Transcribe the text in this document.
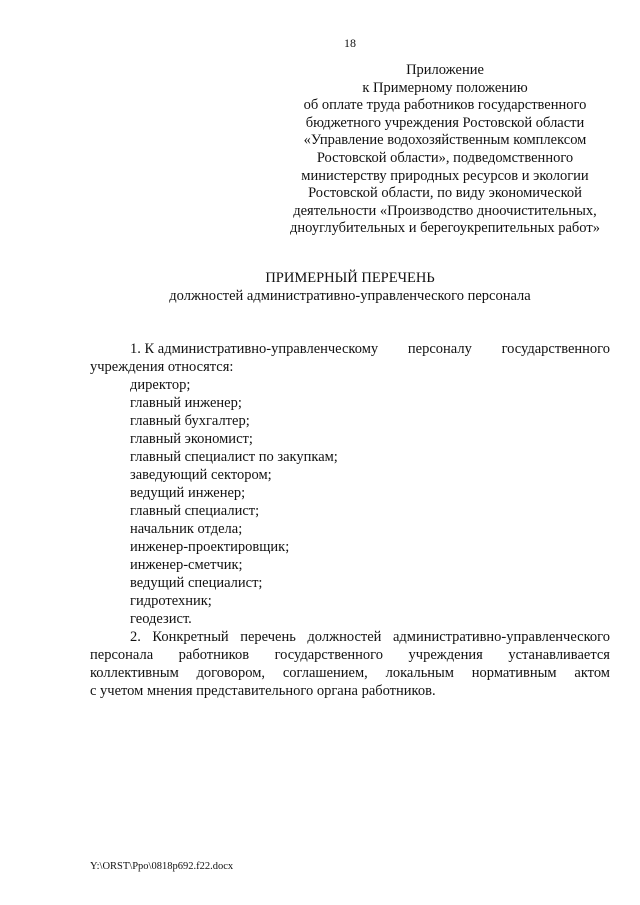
18
Приложение
к Примерному положению
об оплате труда работников государственного
бюджетного учреждения Ростовской области
«Управление водохозяйственным комплексом
Ростовской области», подведомственного
министерству природных ресурсов и экологии
Ростовской области, по виду экономической
деятельности «Производство дноочистительных,
дноуглубительных и берегоукрепительных работ»
ПРИМЕРНЫЙ ПЕРЕЧЕНЬ
должностей административно-управленческого персонала
1. К административно-управленческому персоналу государственного
учреждения относятся:
директор;
главный инженер;
главный бухгалтер;
главный экономист;
главный специалист по закупкам;
заведующий сектором;
ведущий инженер;
главный специалист;
начальник отдела;
инженер-проектировщик;
инженер-сметчик;
ведущий специалист;
гидротехник;
геодезист.
2. Конкретный перечень должностей административно-управленческого
персонала работников государственного учреждения устанавливается
коллективным договором, соглашением, локальным нормативным актом
с учетом мнения представительного органа работников.
Y:\ORST\Ppo\0818p692.f22.docx
